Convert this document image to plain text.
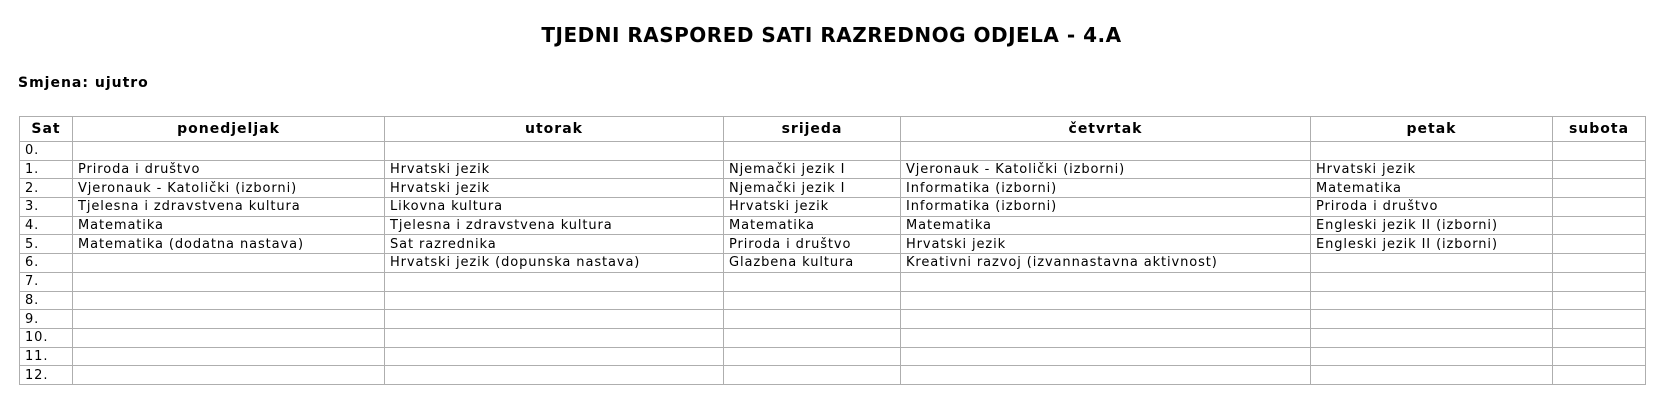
TJEDNI RASPORED SATI RAZREDNOG ODJELA - 4.A
Smjena: ujutro
Sat	ponedjeljak	utorak	srijeda	četvrtak	petak	subota
0.						
1.	Priroda i društvo	Hrvatski jezik	Njemački jezik I	Vjeronauk - Katolički (izborni)	Hrvatski jezik	
2.	Vjeronauk - Katolički (izborni)	Hrvatski jezik	Njemački jezik I	Informatika (izborni)	Matematika	
3.	Tjelesna i zdravstvena kultura	Likovna kultura	Hrvatski jezik	Informatika (izborni)	Priroda i društvo	
4.	Matematika	Tjelesna i zdravstvena kultura	Matematika	Matematika	Engleski jezik II (izborni)	
5.	Matematika (dodatna nastava)	Sat razrednika	Priroda i društvo	Hrvatski jezik	Engleski jezik II (izborni)	
6.		Hrvatski jezik (dopunska nastava)	Glazbena kultura	Kreativni razvoj (izvannastavna aktivnost)		
7.						
8.						
9.						
10.						
11.						
12.						
